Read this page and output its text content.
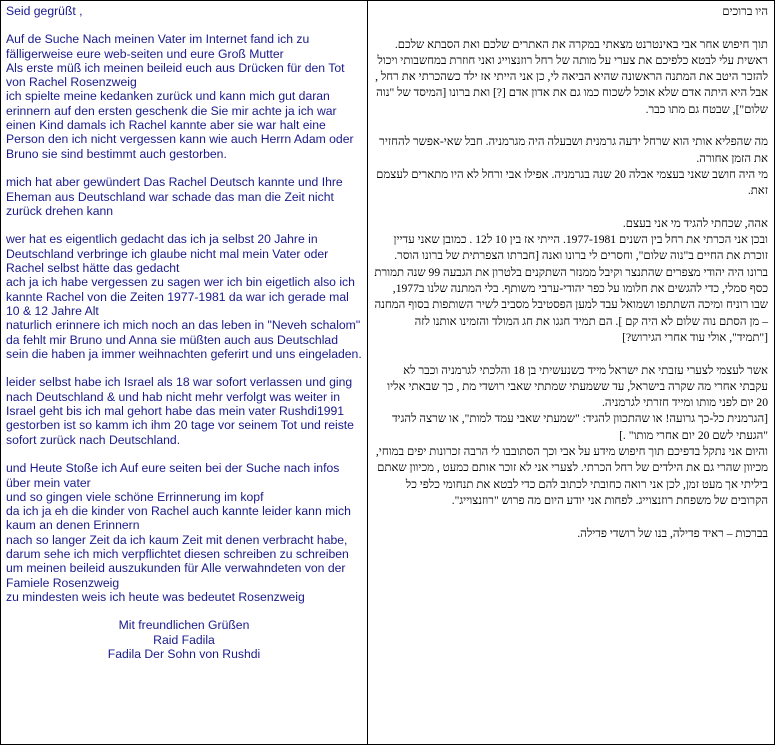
Seid gegrüßt ,

Auf de Suche Nach meinen Vater im Internet fand ich zu fälligerweise eure web-seiten und eure Groß Mutter

Als erste müß ich meinen beileid euch aus Drücken für den Tot von Rachel Rosenzweig

ich spielte meine kedanken zurück und kann mich gut daran erinnern auf den ersten geschenk die Sie mir achte ja ich war einen Kind damals ich Rachel kannte aber sie war halt eine Person den ich nicht vergessen kann wie auch Herrn Adam oder Bruno sie sind bestimmt auch gestorben.

mich hat aber gewündert Das Rachel Deutsch kannte und Ihre Eheman aus Deutschland war schade das man die Zeit nicht zurück drehen kann

wer hat es eigentlich gedacht das ich ja selbst 20 Jahre in Deutschland verbringe ich glaube nicht mal mein Vater oder Rachel selbst hätte das gedacht

ach ja ich habe vergessen zu sagen wer ich bin eigetlich also ich kannte Rachel von die Zeiten 1977-1981 da war ich gerade mal 10 & 12 Jahre Alt

naturlich erinnere ich mich noch an das leben in "Neveh schalom" da fehlt mir Bruno und Anna sie müßten auch aus Deutschlad sein die haben ja immer weihnachten geferirt und uns eingeladen.

leider selbst habe ich Israel als 18 war sofort verlassen und ging nach Deutschland & und hab nicht mehr verfolgt was weiter in Israel geht bis ich mal gehort habe das mein vater Rushdi1991 gestorben ist so kamm ich ihm 20 tage vor seinem Tot und reiste sofort zurück nach Deutschland.

und Heute Stoße ich Auf eure seiten bei der Suche nach infos über mein vater

und so gingen viele schöne Errinnerung im kopf

da ich ja eh die kinder von Rachel auch kannte leider kann mich kaum an denen Erinnern

nach so langer Zeit da ich kaum Zeit mit denen verbracht habe, darum sehe ich mich verpflichtet diesen schreiben zu schreiben um meinen beileid auszukunden für Alle verwahndeten von der Famiele Rosenzweig

zu mindesten weis ich heute was bedeutet Rosenzweig

Mit freundlichen Grüßen

Raid Fadila

Fadila Der Sohn von Rushdi

היו ברוכים

תוך חיפוש אחר אבי באינטרנט מצאתי במקרה את האתרים שלכם ואת הסבתא שלכם.

ראשית עלי לבטא כלפיכם את צערי על מותה של רחל רוזנצוייג ואני חוזרת במחשבותי ויכול להזכר היטב את המתנה הראשונה שהיא הביאה לי, כן אני הייתי אז ילד כשהכרתי את רחל , אבל היא היתה אדם שלא אוכל לשכוח כמו גם את אדון אדם [?] ואת ברונו [המיסד של "נוה שלום"], שבטח גם מתו כבר.

מה שהפליא אותי הוא שרחל ידעה גרמנית ושבעלה היה מגרמניה. חבל שאי-אפשר להחזיר את הזמן אחורה.

מי היה חושב שאני בעצמי אבלה 20 שנה בגרמניה. אפילו אבי ורחל לא היו מתארים לעצמם זאת.

אהה, שכחתי להגיד מי אני בעצם.

ובכן אני הכרתי את רחל בין השנים 1977-1981. הייתי אז בין 10 ל12 . כמובן שאני עדיין זוכרת את החיים ב"נוה שלום", וחסרים לי ברונו ואנה [חברתו הצפרתית של ברונו הוסר. ברונו היה יהודי מצפרים שהתנצר וקיבל ממנזר השתקנים בלטרון את הגבעה 99 שנה תמורת כסף סמלי, כדי להגשים את חלומו על כפר יהודי-ערבי משותף. בלי המתנה שלנו ב1977, שבו רוניח ומיכה השתתפו ושמואל עבד למען הפסטיבל מסביב לשיר השותפות בסוף המחנה – מן הסתם נוה שלום לא היה קם ]. הם תמיד חגגו את חג המולד והזמינו אותנו לזה ["תמיד", אולי עוד אחרי הגירוש?]

אשר לעצמי לצערי עזבתי את ישראל מייד כשנעשיתי בן 18 והלכתי לגרמניה וכבר לא עקבתי אחרי מה שקרה בישראל, עד ששמעתי שמתתי שאבי רושדי מת , כך שבאתי אליו 20 יום לפני מותו ומייד חזרתי לגרמניה.

[הגרמנית כל-כך גרועה! או שהתכוון להגיד: "שמעתי שאבי עמד למות", או שרצה להגיד "הגעתי לשם 20 יום אחרי מותו" .]

והיום אני נתקל בדפיכם תוך חיפוש מידע על אבי וכך הסתובבו לי הרבה זכרונות יפים במוחי, מכיוון שהרי גם את הילדים של רחל הכרתי. לצערי אני לא זוכר אותם כמעט , מכיוון שאתם ביליתי אך מעט זמן, לכן אני רואה כחובתי לכתוב להם כדי לבטא את תנחומי כלפי כל הקרובים של משפחת רוזנצוייג. לפחות אני יודע היום מה פרוש "רוזנצוייג".

בברכות – ראיד פדילה, בנו של רושדי פדילה.
